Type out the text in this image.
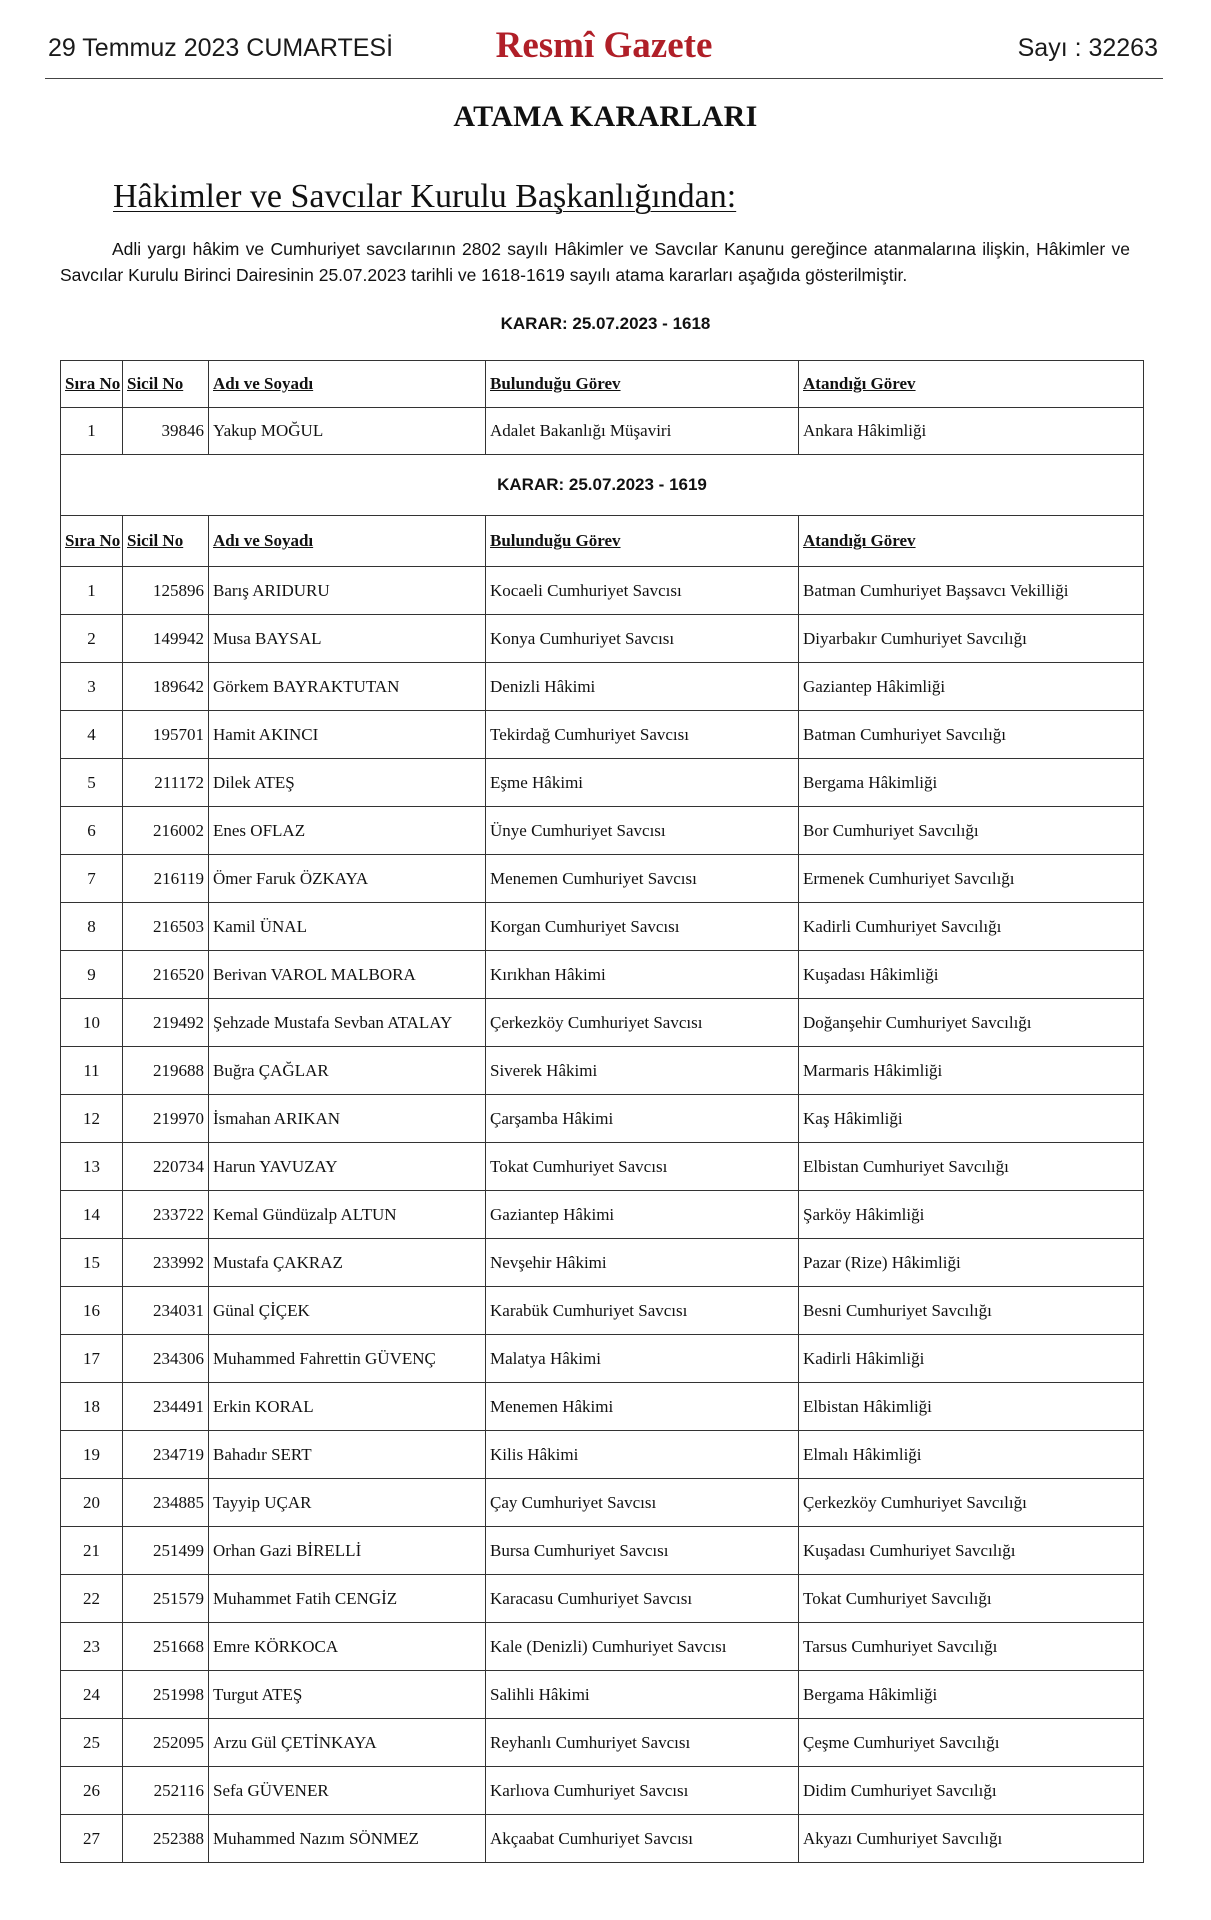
29 Temmuz 2023 CUMARTESİ	Resmî Gazete	Sayı : 32263
ATAMA KARARLARI
Hâkimler ve Savcılar Kurulu Başkanlığından:
Adli yargı hâkim ve Cumhuriyet savcılarının 2802 sayılı Hâkimler ve Savcılar Kanunu gereğince atanmalarına ilişkin, Hâkimler ve Savcılar Kurulu Birinci Dairesinin 25.07.2023 tarihli ve 1618-1619 sayılı atama kararları aşağıda gösterilmiştir.
KARAR: 25.07.2023 - 1618
Sıra No	Sicil No	Adı ve Soyadı	Bulunduğu Görev	Atandığı Görev
1	39846	Yakup MOĞUL	Adalet Bakanlığı Müşaviri	Ankara Hâkimliği
KARAR: 25.07.2023 - 1619				
Sıra No	Sicil No	Adı ve Soyadı	Bulunduğu Görev	Atandığı Görev
1	125896	Barış ARIDURU	Kocaeli Cumhuriyet Savcısı	Batman Cumhuriyet Başsavcı Vekilliği
2	149942	Musa BAYSAL	Konya Cumhuriyet Savcısı	Diyarbakır Cumhuriyet Savcılığı
3	189642	Görkem BAYRAKTUTAN	Denizli Hâkimi	Gaziantep Hâkimliği
4	195701	Hamit AKINCI	Tekirdağ Cumhuriyet Savcısı	Batman Cumhuriyet Savcılığı
5	211172	Dilek ATEŞ	Eşme Hâkimi	Bergama Hâkimliği
6	216002	Enes OFLAZ	Ünye Cumhuriyet Savcısı	Bor Cumhuriyet Savcılığı
7	216119	Ömer Faruk ÖZKAYA	Menemen Cumhuriyet Savcısı	Ermenek Cumhuriyet Savcılığı
8	216503	Kamil ÜNAL	Korgan Cumhuriyet Savcısı	Kadirli Cumhuriyet Savcılığı
9	216520	Berivan VAROL MALBORA	Kırıkhan Hâkimi	Kuşadası Hâkimliği
10	219492	Şehzade Mustafa Sevban ATALAY	Çerkezköy Cumhuriyet Savcısı	Doğanşehir Cumhuriyet Savcılığı
11	219688	Buğra ÇAĞLAR	Siverek Hâkimi	Marmaris Hâkimliği
12	219970	İsmahan ARIKAN	Çarşamba Hâkimi	Kaş Hâkimliği
13	220734	Harun YAVUZAY	Tokat Cumhuriyet Savcısı	Elbistan Cumhuriyet Savcılığı
14	233722	Kemal Gündüzalp ALTUN	Gaziantep Hâkimi	Şarköy Hâkimliği
15	233992	Mustafa ÇAKRAZ	Nevşehir Hâkimi	Pazar (Rize) Hâkimliği
16	234031	Günal ÇİÇEK	Karabük Cumhuriyet Savcısı	Besni Cumhuriyet Savcılığı
17	234306	Muhammed Fahrettin GÜVENÇ	Malatya Hâkimi	Kadirli Hâkimliği
18	234491	Erkin KORAL	Menemen Hâkimi	Elbistan Hâkimliği
19	234719	Bahadır SERT	Kilis Hâkimi	Elmalı Hâkimliği
20	234885	Tayyip UÇAR	Çay Cumhuriyet Savcısı	Çerkezköy Cumhuriyet Savcılığı
21	251499	Orhan Gazi BİRELLİ	Bursa Cumhuriyet Savcısı	Kuşadası Cumhuriyet Savcılığı
22	251579	Muhammet Fatih CENGİZ	Karacasu Cumhuriyet Savcısı	Tokat Cumhuriyet Savcılığı
23	251668	Emre KÖRKOCA	Kale (Denizli) Cumhuriyet Savcısı	Tarsus Cumhuriyet Savcılığı
24	251998	Turgut ATEŞ	Salihli Hâkimi	Bergama Hâkimliği
25	252095	Arzu Gül ÇETİNKAYA	Reyhanlı Cumhuriyet Savcısı	Çeşme Cumhuriyet Savcılığı
26	252116	Sefa GÜVENER	Karlıova Cumhuriyet Savcısı	Didim Cumhuriyet Savcılığı
27	252388	Muhammed Nazım SÖNMEZ	Akçaabat Cumhuriyet Savcısı	Akyazı Cumhuriyet Savcılığı
